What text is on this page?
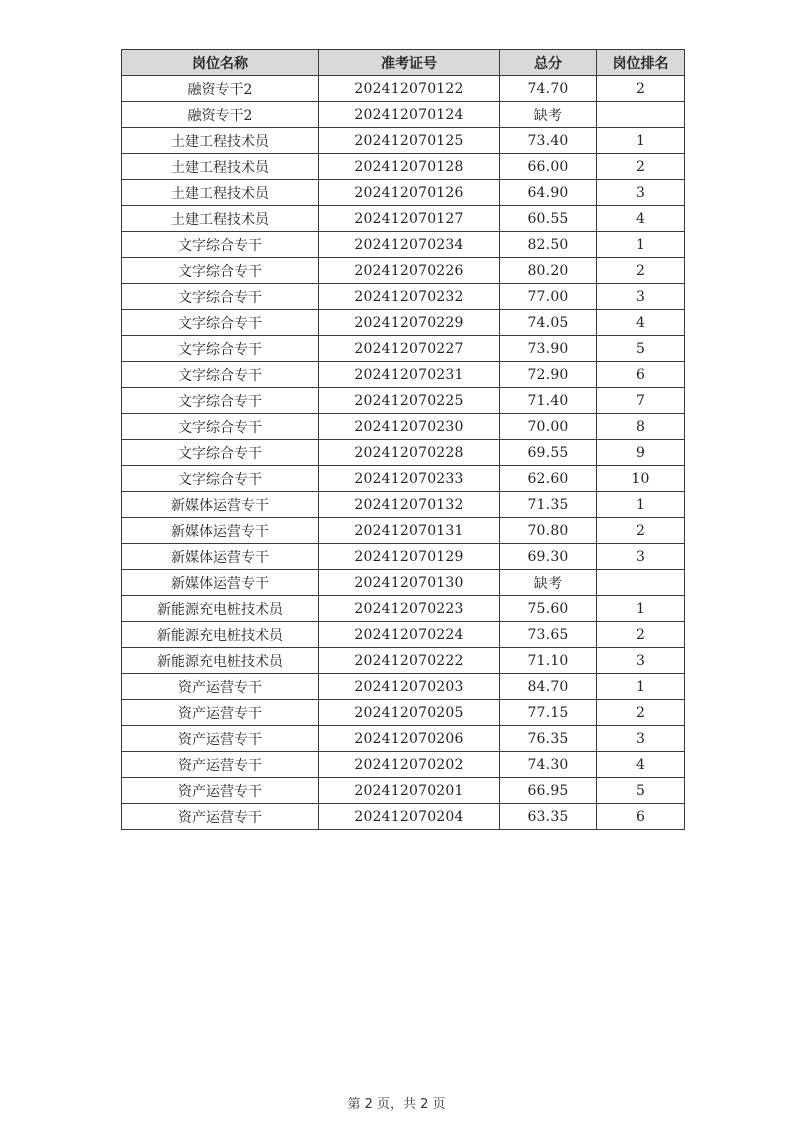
岗位名称	准考证号	总分	岗位排名
融资专干2	202412070122	74.70	2
融资专干2	202412070124	缺考	
土建工程技术员	202412070125	73.40	1
土建工程技术员	202412070128	66.00	2
土建工程技术员	202412070126	64.90	3
土建工程技术员	202412070127	60.55	4
文字综合专干	202412070234	82.50	1
文字综合专干	202412070226	80.20	2
文字综合专干	202412070232	77.00	3
文字综合专干	202412070229	74.05	4
文字综合专干	202412070227	73.90	5
文字综合专干	202412070231	72.90	6
文字综合专干	202412070225	71.40	7
文字综合专干	202412070230	70.00	8
文字综合专干	202412070228	69.55	9
文字综合专干	202412070233	62.60	10
新媒体运营专干	202412070132	71.35	1
新媒体运营专干	202412070131	70.80	2
新媒体运营专干	202412070129	69.30	3
新媒体运营专干	202412070130	缺考	
新能源充电桩技术员	202412070223	75.60	1
新能源充电桩技术员	202412070224	73.65	2
新能源充电桩技术员	202412070222	71.10	3
资产运营专干	202412070203	84.70	1
资产运营专干	202412070205	77.15	2
资产运营专干	202412070206	76.35	3
资产运营专干	202412070202	74.30	4
资产运营专干	202412070201	66.95	5
资产运营专干	202412070204	63.35	6
第 2 页，共 2 页
